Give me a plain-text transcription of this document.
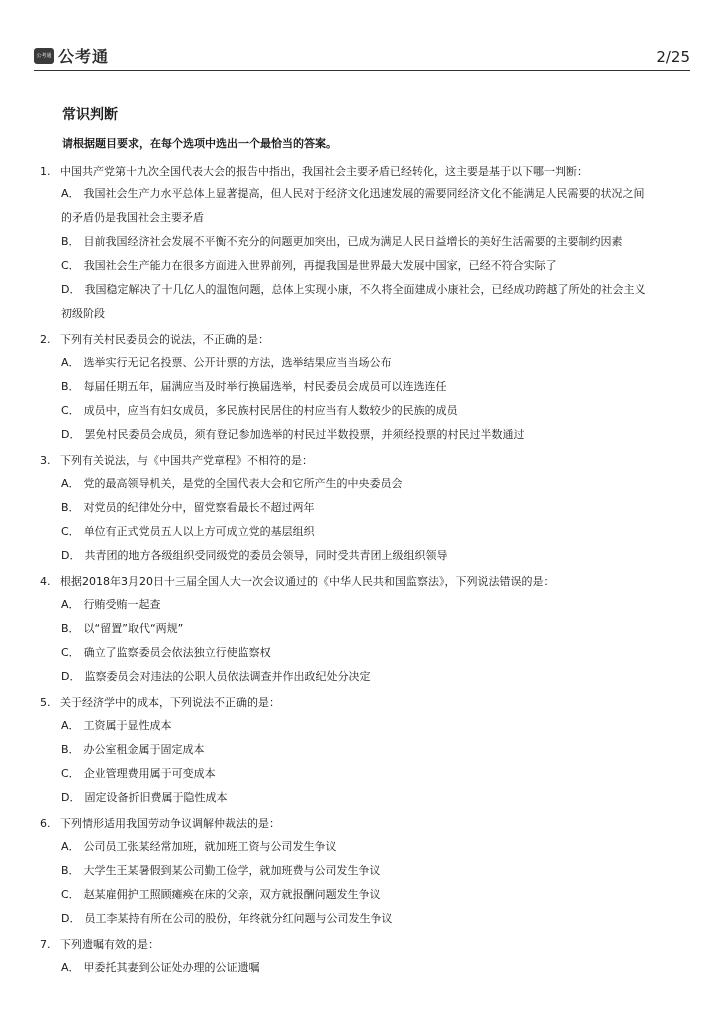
公考通 公考通	2/25
常识判断
请根据题目要求，在每个选项中选出一个最恰当的答案。
1. 中国共产党第十九次全国代表大会的报告中指出，我国社会主要矛盾已经转化，这主要是基于以下哪一判断：
A． 我国社会生产力水平总体上显著提高，但人民对于经济文化迅速发展的需要同经济文化不能满足人民需要的状况之间
的矛盾仍是我国社会主要矛盾
B． 目前我国经济社会发展不平衡不充分的问题更加突出，已成为满足人民日益增长的美好生活需要的主要制约因素
C． 我国社会生产能力在很多方面进入世界前列，再提我国是世界最大发展中国家，已经不符合实际了
D． 我国稳定解决了十几亿人的温饱问题，总体上实现小康，不久将全面建成小康社会，已经成功跨越了所处的社会主义
初级阶段
2. 下列有关村民委员会的说法，不正确的是：
A． 选举实行无记名投票、公开计票的方法，选举结果应当当场公布
B． 每届任期五年，届满应当及时举行换届选举，村民委员会成员可以连选连任
C． 成员中，应当有妇女成员，多民族村民居住的村应当有人数较少的民族的成员
D． 罢免村民委员会成员，须有登记参加选举的村民过半数投票，并须经投票的村民过半数通过
3. 下列有关说法，与《中国共产党章程》不相符的是：
A． 党的最高领导机关，是党的全国代表大会和它所产生的中央委员会
B． 对党员的纪律处分中，留党察看最长不超过两年
C． 单位有正式党员五人以上方可成立党的基层组织
D． 共青团的地方各级组织受同级党的委员会领导，同时受共青团上级组织领导
4. 根据2018年3月20日十三届全国人大一次会议通过的《中华人民共和国监察法》，下列说法错误的是：
A． 行贿受贿一起查
B． 以“留置”取代“两规”
C． 确立了监察委员会依法独立行使监察权
D． 监察委员会对违法的公职人员依法调查并作出政纪处分决定
5. 关于经济学中的成本，下列说法不正确的是：
A． 工资属于显性成本
B． 办公室租金属于固定成本
C． 企业管理费用属于可变成本
D． 固定设备折旧费属于隐性成本
6. 下列情形适用我国劳动争议调解仲裁法的是：
A． 公司员工张某经常加班，就加班工资与公司发生争议
B． 大学生王某暑假到某公司勤工俭学，就加班费与公司发生争议
C． 赵某雇佣护工照顾瘫痪在床的父亲，双方就报酬问题发生争议
D． 员工李某持有所在公司的股份，年终就分红问题与公司发生争议
7. 下列遗嘱有效的是：
A． 甲委托其妻到公证处办理的公证遗嘱
